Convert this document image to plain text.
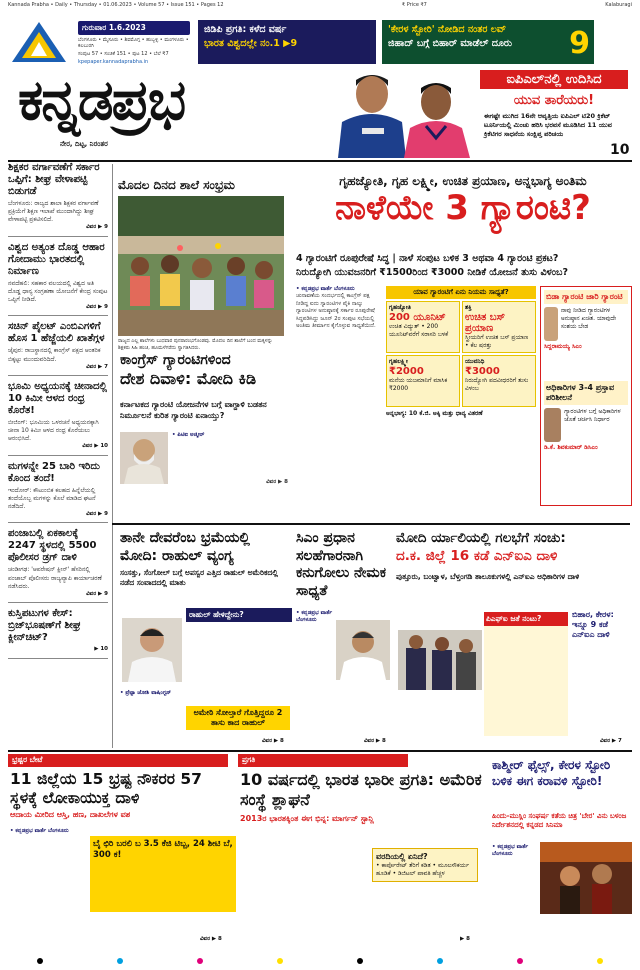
Kannada Prabha • Daily • Thursday • 01.06.2023 • Volume 57 • Issue 151 • Pages 12	₹ Price ₹7	Kalaburagi
ಗುರುವಾರ 1.6.2023
ಬೆಂಗಳೂರು • ಮೈಸೂರು • ಶಿವಮೊಗ್ಗ • ಹುಬ್ಬಳ್ಳಿ • ಮಂಗಳೂರು • ಕಲಬುರಗಿ
ಸಂಪುಟ 57 • ಸಂಚಿಕೆ 151 • ಪುಟ 12 • ಬೆಲೆ ₹7
kpepaper.kannadaprabha.in
ಜಿಡಿಪಿ ಪ್ರಗತಿ: ಕಳೆದ ವರ್ಷ
ಭಾರತ ವಿಶ್ವದಲ್ಲೇ ನಂ.1 ▶9
'ಕೇರಳ ಸ್ಟೋರಿ' ನೋಡಿದ ನಂತರ ಲವ್
ಜಿಹಾದ್ ಬಗ್ಗೆ ಬಿಹಾರ್ ಮಾಡೆಲ್ ದೂರು	9
ಕನ್ನಡಪ್ರಭ
ನೇರ, ದಿಟ್ಟ, ನಿರಂತರ
ಐಪಿಎಲ್‌ನಲ್ಲಿ ಉದಿಸಿದ
ಯುವ ತಾರೆಯರು!
ಈಗಷ್ಟೇ ಮುಗಿದ 16ನೇ ಆವೃತ್ತಿಯ ಐಪಿಎಲ್ ಟಿ20 ಕ್ರಿಕೆಟ್ ಟೂರ್ನಿಯಲ್ಲಿ ಮಿಂಚು ಹರಿಸಿ ಭರವಸೆ ಮೂಡಿಸಿದ 11 ಯುವ ಕ್ರಿಕೆಟಿಗರ ಸಾಧನೆಯ ಸಂಕ್ಷಿಪ್ತ ಪರಿಚಯ
10
ಶಿಕ್ಷಕರ ವರ್ಗಾವಣೆಗೆ ಸರ್ಕಾರ ಒಪ್ಪಿಗೆ: ಶೀಘ್ರ ವೇಳಾಪಟ್ಟಿ ಬಿಡುಗಡೆ
ಬೆಂಗಳೂರು: ರಾಜ್ಯದ ಶಾಲಾ ಶಿಕ್ಷಕರ ವರ್ಗಾವಣೆ ಪ್ರಕ್ರಿಯೆಗೆ ಶಿಕ್ಷಣ ಇಲಾಖೆ ಮುಂದಾಗಿದ್ದು ಶೀಘ್ರ ವೇಳಾಪಟ್ಟಿ ಪ್ರಕಟಿಸಲಿದೆ.
ವಿವರ ▶ 9
ವಿಶ್ವದ ಅತ್ಯಂತ ದೊಡ್ಡ ಆಹಾರ ಗೋದಾಮು ಭಾರತದಲ್ಲಿ ನಿರ್ಮಾಣ
ನವದೆಹಲಿ: ಸಹಕಾರ ವಲಯದಲ್ಲಿ ವಿಶ್ವದ ಅತಿ ದೊಡ್ಡ ಧಾನ್ಯ ಸಂಗ್ರಹಣಾ ಯೋಜನೆಗೆ ಕೇಂದ್ರ ಸಂಪುಟ ಒಪ್ಪಿಗೆ ನೀಡಿದೆ.
ವಿವರ ▶ 9
ಸಚಿನ್ ಪೈಲಟ್ ಎಂಬಿಎಗಳಿಗೆ ಹೊಸ 1 ಹೆಜ್ಜೆಯಲಿ ಖಾತೆಗ್ಗಳ
ಜೈಪುರ: ರಾಜಸ್ಥಾನದಲ್ಲಿ ಕಾಂಗ್ರೆಸ್ ಪಕ್ಷದ ಆಂತರಿಕ ಬಿಕ್ಕಟ್ಟು ಮುಂದುವರಿದಿದೆ.
ವಿವರ ▶ 7
ಭೂಮಿ ಅಧ್ಯಯನಕ್ಕೆ ಚೀನಾದಲ್ಲಿ 10 ಕಿಮೀ ಆಳದ ರಂಧ್ರ ಕೊರೆತ!
ಬೀಜಿಂಗ್: ಭೂಮಿಯ ಒಳರಚನೆ ಅಧ್ಯಯನಕ್ಕಾಗಿ ಚೀನಾ 10 ಕಿಮೀ ಆಳದ ರಂಧ್ರ ಕೊರೆಯಲು ಆರಂಭಿಸಿದೆ.
ವಿವರ ▶ 10
ಮಗಳನ್ನೇ 25 ಬಾರಿ ಇರಿದು ಕೊಂದ ತಂದೆ!
ಇಂದೋರ್: ಕೌಟುಂಬಿಕ ಕಲಹದ ಹಿನ್ನೆಲೆಯಲ್ಲಿ ತಂದೆಯೊಬ್ಬ ಮಗಳನ್ನು ಕೊಲೆ ಮಾಡಿದ ಘಟನೆ ನಡೆದಿದೆ.
ವಿವರ ▶ 9
ಪಂಜಾಬಲ್ಲಿ ಏಕಕಾಲಕ್ಕೆ 2247 ಸ್ಥಳದಲ್ಲಿ 5500 ಪೊಲೀಸರ ಡ್ರಗ್ ದಾಳಿ
ಚಂಡೀಗಢ: 'ಆಪರೇಷನ್ ಕ್ಲೀನ್' ಹೆಸರಿನಲ್ಲಿ ಪಂಜಾಬ್ ಪೊಲೀಸರು ರಾಜ್ಯವ್ಯಾಪಿ ಕಾರ್ಯಾಚರಣೆ ನಡೆಸಿದರು.
ವಿವರ ▶ 9
ಕುಸ್ತಿಪಟುಗಳ ಕೇಸ್: ಬ್ರಿಜ್‌ಭೂಷಣ್‌ಗೆ ಶೀಘ್ರ ಕ್ಲೀನ್‌ಚಿಟ್?
▶ 10
ಮೊದಲ ದಿನದ ಶಾಲೆ ಸಂಭ್ರಮ
ರಾಜ್ಯದ ಎಲ್ಲ ಶಾಲೆಗಳು ಬುಧವಾರ ಪುನರಾರಂಭಗೊಂಡವು. ಮೊದಲ ದಿನ ಶಾಲೆಗೆ ಬಂದ ಮಕ್ಕಳನ್ನು ಶಿಕ್ಷಕರು ಸಿಹಿ ಹಂಚಿ, ಹೂಮಳೆಗರೆದು ಸ್ವಾಗತಿಸಿದರು.
ಗೃಹಜ್ಯೋತಿ, ಗೃಹ ಲಕ್ಷ್ಮೀ, ಉಚಿತ ಪ್ರಯಾಣ, ಅನ್ನಭಾಗ್ಯ ಅಂತಿಮ
ನಾಳೆಯೇ 3 ಗ್ಯಾರಂಟಿ?
4 ಗ್ಯಾರಂಟಿಗೆ ರೂಪುರೇಷೆ ಸಿದ್ಧ | ನಾಳೆ ಸಂಪುಟ ಬಳಿಕ 3 ಅಥವಾ 4 ಗ್ಯಾರಂಟಿ ಪ್ರಕಟ?
ನಿರುದ್ಯೋಗಿ ಯುವಜನರಿಗೆ ₹1500ರಿಂದ ₹3000 ನೀಡಿಕೆ ಯೋಜನೆ ತುಸು ವಿಳಂಬ?
• ಕನ್ನಡಪ್ರಭ ವಾರ್ತೆ ಬೆಂಗಳೂರು
ಚುನಾವಣೆಯ ಸಂದರ್ಭದಲ್ಲಿ ಕಾಂಗ್ರೆಸ್ ಪಕ್ಷ ನೀಡಿದ್ದ ಐದು ಗ್ಯಾರಂಟಿಗಳ ಪೈಕಿ ನಾಲ್ಕು ಗ್ಯಾರಂಟಿಗಳ ಅನುಷ್ಠಾನಕ್ಕೆ ಸರ್ಕಾರ ರೂಪುರೇಷೆ ಸಿದ್ಧಪಡಿಸಿದ್ದು ಜೂನ್ 2ರ ಸಂಪುಟ ಸಭೆಯಲ್ಲಿ ಅಂತಿಮ ತೀರ್ಮಾನ ಕೈಗೊಳ್ಳುವ ಸಾಧ್ಯತೆಯಿದೆ.
ಯಾವ ಗ್ಯಾರಂಟಿಗೆ ಏನು ನಿಯಮ ಸಾಧ್ಯತೆ?
ಗೃಹಜ್ಯೋತಿ
200 ಯೂನಿಟ್
ಉಚಿತ ವಿದ್ಯುತ್ • 200 ಯೂನಿಟ್‌ವರೆಗೆ ಸರಾಸರಿ ಬಳಕೆ
ಶಕ್ತಿ
ಉಚಿತ ಬಸ್ ಪ್ರಯಾಣ
ಸ್ತ್ರೀಯರಿಗೆ ಉಚಿತ ಬಸ್ ಪ್ರಯಾಣ • ಕೆಲ ಷರತ್ತು
ಗೃಹಲಕ್ಷ್ಮೀ
₹2000
ಮನೆಯ ಯಜಮಾನಿಗೆ ಮಾಸಿಕ ₹2000
ಯುವನಿಧಿ
₹3000
ನಿರುದ್ಯೋಗಿ ಪದವೀಧರರಿಗೆ ತುಸು ವಿಳಂಬ
ಅನ್ನಭಾಗ್ಯ: 10 ಕೆ.ಜಿ. ಅಕ್ಕಿ ಮತ್ತು ಧಾನ್ಯ ವಿತರಣೆ
ಬಿಡಾ ಗ್ಯಾರಂಟಿ ಜಾರಿ ಗ್ಯಾರಂಟಿ
ನಾವು ನೀಡಿದ ಗ್ಯಾರಂಟಿಗಳ ಅನುಷ್ಠಾನ ಖಚಿತ. ಯಾವುದೇ ಸಂಶಯ ಬೇಡ
ಸಿದ್ದರಾಮಯ್ಯ ಸಿಎಂ
ಅಧಿಕಾರಿಗಳ 3-4 ಪ್ರಸ್ತಾವ ಪರಿಶೀಲನೆ
ಗ್ಯಾರಂಟಿಗಳ ಬಗ್ಗೆ ಅಧಿಕಾರಿಗಳ ಜೊತೆ ಚರ್ಚಿಸಿ ನಿರ್ಧಾರ
ಡಿ.ಕೆ. ಶಿವಕುಮಾರ್ ಡಿಸಿಎಂ
ಕಾಂಗ್ರೆಸ್ ಗ್ಯಾರಂಟಿಗಳಿಂದ
ದೇಶ ದಿವಾಳಿ: ಮೋದಿ ಕಿಡಿ
ಕರ್ನಾಟಕದ ಗ್ಯಾರಂಟಿ ಯೋಜನೆಗಳ ಬಗ್ಗೆ ವಾಗ್ದಾಳಿ ಬಡತನ ನಿರ್ಮೂಲನೆ ಕುರಿತ ಗ್ಯಾರಂಟಿ ಏನಾಯ್ತು?
• ಪಿಟಿಐ ಅಜ್ಮೀರ್
ವಿವರ ▶ 8
ತಾನೇ ದೇವರೆಂಬ ಭ್ರಮೆಯಲ್ಲಿ ಮೋದಿ: ರಾಹುಲ್ ವ್ಯಂಗ್ಯ
ಸಂಸತ್ತು, ಸೆಂಗೋಲ್ ಬಗ್ಗೆ ಅಪಸ್ವರ ಎತ್ತಿದ ರಾಹುಲ್ ಅಮೆರಿಕದಲ್ಲಿ ನಡೆದ ಸಂವಾದದಲ್ಲಿ ಮಾತು
ರಾಹುಲ್ ಹೇಳಿದ್ದೇನು?
• ಪ್ರೆಟ್ಟಾ ಜೋಶಿ ವಾಷಿಂಗ್ಟನ್
ಅಮೇಠಿ ಸೋಲ್ತಾರೆ ಗೊತ್ತಿದ್ದರೂ 2 ತಾಸು ಕಾದ ರಾಹುಲ್
ವಿವರ ▶ 8
ಸಿಎಂ ಪ್ರಧಾನ ಸಲಹೆಗಾರನಾಗಿ ಕನುಗೋಲು ನೇಮಕ ಸಾಧ್ಯತೆ
• ಕನ್ನಡಪ್ರಭ ವಾರ್ತೆ ಬೆಂಗಳೂರು
ವಿವರ ▶ 8
ಮೋದಿ ರ್ಯಾಲಿಯಲ್ಲಿ ಗಲಭೆಗೆ ಸಂಚು:
ದ.ಕ. ಜಿಲ್ಲೆ 16 ಕಡೆ ಎನ್‌ಐಎ ದಾಳಿ
ಪುತ್ತೂರು, ಬಂಟ್ವಾಳ, ಬೆಳ್ತಂಗಡಿ ತಾಲೂಕುಗಳಲ್ಲಿ ಎನ್‌ಐಎ ಅಧಿಕಾರಿಗಳ ದಾಳಿ
ಪಿಎಫ್‌ಐ ಜತೆ ನಂಟು?	ಬಿಹಾರ, ಕೇರಳ: ಇನ್ನೂ 9 ಕಡೆ ಎನ್‌ಐಎ ದಾಳಿ
ವಿವರ ▶ 7
ಭ್ರಷ್ಟರ ಬೇಟೆ
11 ಜಿಲ್ಲೆಯ 15 ಭ್ರಷ್ಟ ನೌಕರರ 57 ಸ್ಥಳಕ್ಕೆ ಲೋಕಾಯುಕ್ತ ದಾಳಿ
ಆದಾಯ ಮೀರಿದ ಆಸ್ತಿ, ಹಣ, ದಾಖಲೆಗಳ ವಶ
• ಕನ್ನಡಪ್ರಭ ವಾರ್ತೆ ಬೆಂಗಳೂರು
ಬೈ ಛಿರಿ ಬರಲಿ ಬ 3.5 ಕೆಜಿ ಟಿಬ್ಬ, 24 ಶೀಟಿ ಬೆ, 300 ಕ!
ವಿವರ ▶ 8
ಪ್ರಗತಿ
10 ವರ್ಷದಲ್ಲಿ ಭಾರತ ಭಾರೀ ಪ್ರಗತಿ: ಅಮೆರಿಕ ಸಂಸ್ಥೆ ಶ್ಲಾಘನೆ
2013ರ ಭಾರತಕ್ಕಿಂತ ಈಗ ಭಿನ್ನ: ಮಾರ್ಗನ್ ಸ್ಟಾನ್ಲಿ
ವರದಿಯಲ್ಲಿ ಏನಿದೆ?
• ಕಾರ್ಪೊರೇಟ್ ತೆರಿಗೆ ಕಡಿತ • ಮೂಲಸೌಕರ್ಯ ಹೂಡಿಕೆ • ಡಿಜಿಟಲ್ ಪಾವತಿ ಹೆಚ್ಚಳ
▶ 8
ಕಾಶ್ಮೀರ್ ಫೈಲ್ಸ್, ಕೇರಳ ಸ್ಟೋರಿ ಬಳಿಕ ಈಗ ಕರಾವಳಿ ಸ್ಟೋರಿ!
ಹಿಂದು-ಮುಸ್ಲಿಂ ಸಂಘರ್ಷ ಕತೆಯ ಚಿತ್ರ 'ಬೇರ' ವಿನು ಬಳಂಜ ನಿರ್ದೇಶನದಲ್ಲಿ ಕನ್ನಡದ ಸಿನಿಮಾ
• ಕನ್ನಡಪ್ರಭ ವಾರ್ತೆ ಬೆಂಗಳೂರು
